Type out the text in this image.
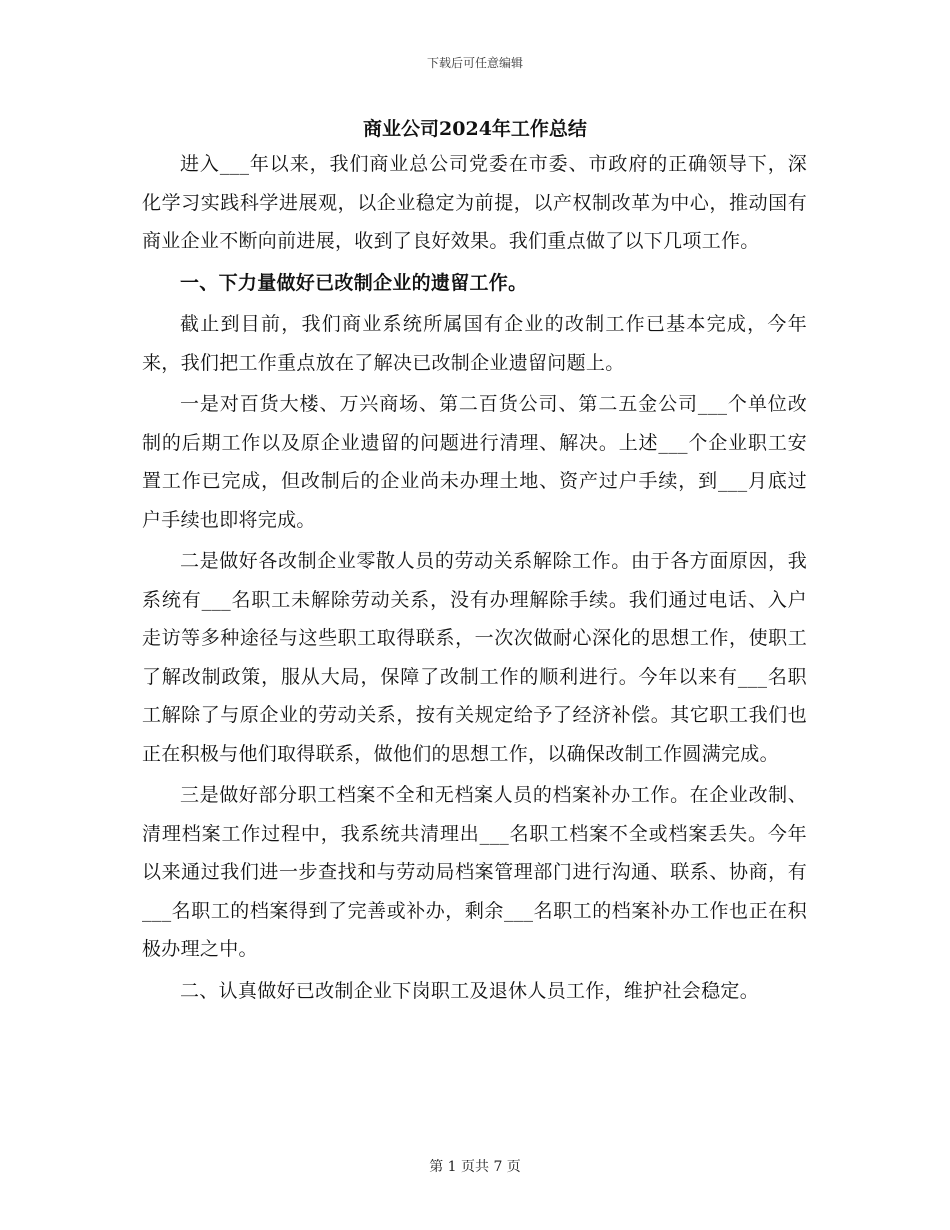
下载后可任意编辑
商业公司2024年工作总结

进入___年以来，我们商业总公司党委在市委、市政府的正确领导下，深化学习实践科学进展观，以企业稳定为前提，以产权制改革为中心，推动国有商业企业不断向前进展，收到了良好效果。我们重点做了以下几项工作。

一、下力量做好已改制企业的遗留工作。

截止到目前，我们商业系统所属国有企业的改制工作已基本完成，今年来，我们把工作重点放在了解决已改制企业遗留问题上。

一是对百货大楼、万兴商场、第二百货公司、第二五金公司___个单位改制的后期工作以及原企业遗留的问题进行清理、解决。上述___个企业职工安置工作已完成，但改制后的企业尚未办理土地、资产过户手续，到___月底过户手续也即将完成。

二是做好各改制企业零散人员的劳动关系解除工作。由于各方面原因，我系统有___名职工未解除劳动关系，没有办理解除手续。我们通过电话、入户走访等多种途径与这些职工取得联系，一次次做耐心深化的思想工作，使职工了解改制政策，服从大局，保障了改制工作的顺利进行。今年以来有___名职工解除了与原企业的劳动关系，按有关规定给予了经济补偿。其它职工我们也正在积极与他们取得联系，做他们的思想工作，以确保改制工作圆满完成。

三是做好部分职工档案不全和无档案人员的档案补办工作。在企业改制、清理档案工作过程中，我系统共清理出___名职工档案不全或档案丢失。今年以来通过我们进一步查找和与劳动局档案管理部门进行沟通、联系、协商，有___名职工的档案得到了完善或补办，剩余___名职工的档案补办工作也正在积极办理之中。

二、认真做好已改制企业下岗职工及退休人员工作，维护社会稳定。

第 1 页共 7 页
